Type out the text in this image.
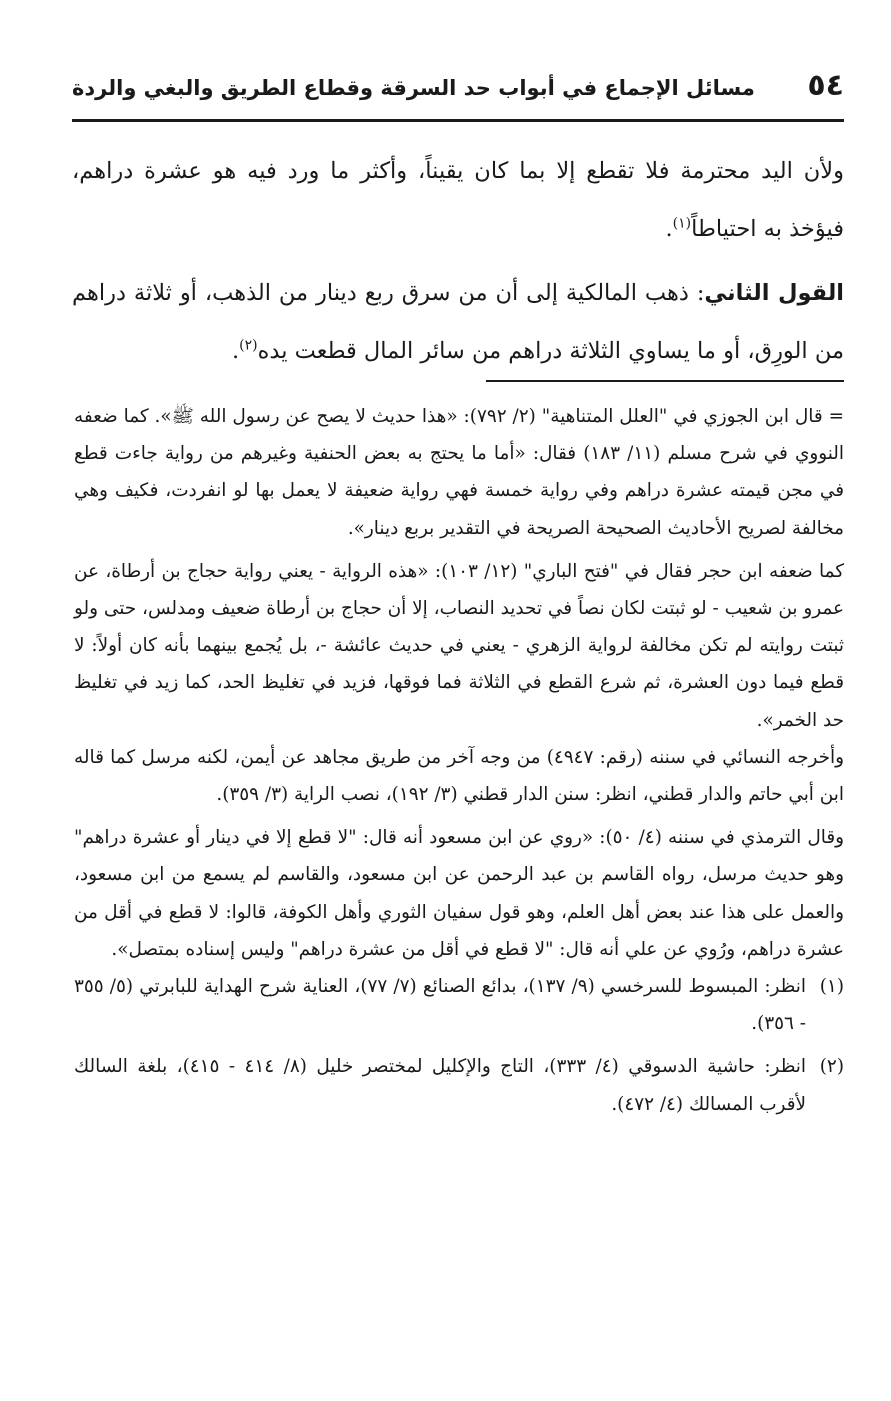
٥٤
مسائل الإجماع في أبواب حد السرقة وقطاع الطريق والبغي والردة

ولأن اليد محترمة فلا تقطع إلا بما كان يقيناً، وأكثر ما ورد فيه هو عشرة دراهم، فيؤخذ به احتياطاً$^{(١)}$.

القول الثاني: ذهب المالكية إلى أن من سرق ربع دينار من الذهب، أو ثلاثة دراهم من الورِق، أو ما يساوي الثلاثة دراهم من سائر المال قطعت يده$^{(٢)}$.

= قال ابن الجوزي في "العلل المتناهية" (٢/ ٧٩٢): «هذا حديث لا يصح عن رسول الله ﷺ». كما ضعفه النووي في شرح مسلم (١١/ ١٨٣) فقال: «أما ما يحتج به بعض الحنفية وغيرهم من رواية جاءت قطع في مجن قيمته عشرة دراهم وفي رواية خمسة فهي رواية ضعيفة لا يعمل بها لو انفردت، فكيف وهي مخالفة لصريح الأحاديث الصحيحة الصريحة في التقدير بربع دينار».

كما ضعفه ابن حجر فقال في "فتح الباري" (١٢/ ١٠٣): «هذه الرواية - يعني رواية حجاج بن أرطاة، عن عمرو بن شعيب - لو ثبتت لكان نصاً في تحديد النصاب، إلا أن حجاج بن أرطاة ضعيف ومدلس، حتى ولو ثبتت روايته لم تكن مخالفة لرواية الزهري - يعني في حديث عائشة -، بل يُجمع بينهما بأنه كان أولاً: لا قطع فيما دون العشرة، ثم شرع القطع في الثلاثة فما فوقها، فزيد في تغليظ الحد، كما زيد في تغليظ حد الخمر».

وأخرجه النسائي في سننه (رقم: ٤٩٤٧) من وجه آخر من طريق مجاهد عن أيمن، لكنه مرسل كما قاله ابن أبي حاتم والدار قطني، انظر: سنن الدار قطني (٣/ ١٩٢)، نصب الراية (٣/ ٣٥٩).

وقال الترمذي في سننه (٤/ ٥٠): «روي عن ابن مسعود أنه قال: "لا قطع إلا في دينار أو عشرة دراهم" وهو حديث مرسل، رواه القاسم بن عبد الرحمن عن ابن مسعود، والقاسم لم يسمع من ابن مسعود، والعمل على هذا عند بعض أهل العلم، وهو قول سفيان الثوري وأهل الكوفة، قالوا: لا قطع في أقل من عشرة دراهم، ورُوي عن علي أنه قال: "لا قطع في أقل من عشرة دراهم" وليس إسناده بمتصل».

(١)
انظر: المبسوط للسرخسي (٩/ ١٣٧)، بدائع الصنائع (٧/ ٧٧)، العناية شرح الهداية للبابرتي (٥/ ٣٥٥ - ٣٥٦).
(٢)
انظر: حاشية الدسوقي (٤/ ٣٣٣)، التاج والإكليل لمختصر خليل (٨/ ٤١٤ - ٤١٥)، بلغة السالك لأقرب المسالك (٤/ ٤٧٢).
